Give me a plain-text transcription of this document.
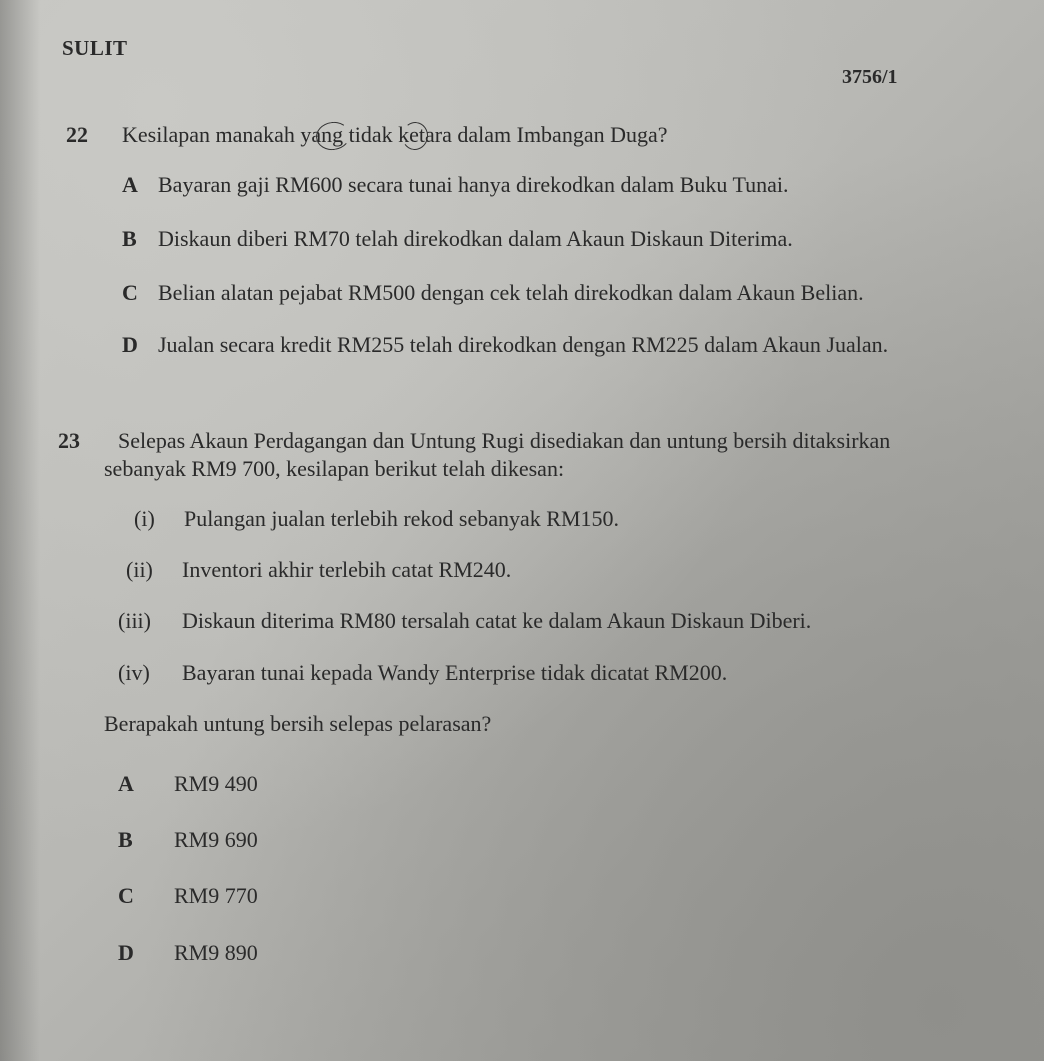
SULIT
3756/1
22 Kesilapan manakah yang tidak ketara dalam Imbangan Duga?
A Bayaran gaji RM600 secara tunai hanya direkodkan dalam Buku Tunai.
B Diskaun diberi RM70 telah direkodkan dalam Akaun Diskaun Diterima.
C Belian alatan pejabat RM500 dengan cek telah direkodkan dalam Akaun Belian.
D Jualan secara kredit RM255 telah direkodkan dengan RM225 dalam Akaun Jualan.
23 Selepas Akaun Perdagangan dan Untung Rugi disediakan dan untung bersih ditaksirkan
sebanyak RM9 700, kesilapan berikut telah dikesan:
(i) Pulangan jualan terlebih rekod sebanyak RM150.
(ii) Inventori akhir terlebih catat RM240.
(iii) Diskaun diterima RM80 tersalah catat ke dalam Akaun Diskaun Diberi.
(iv) Bayaran tunai kepada Wandy Enterprise tidak dicatat RM200.
Berapakah untung bersih selepas pelarasan?
A RM9 490
B RM9 690
C RM9 770
D RM9 890
